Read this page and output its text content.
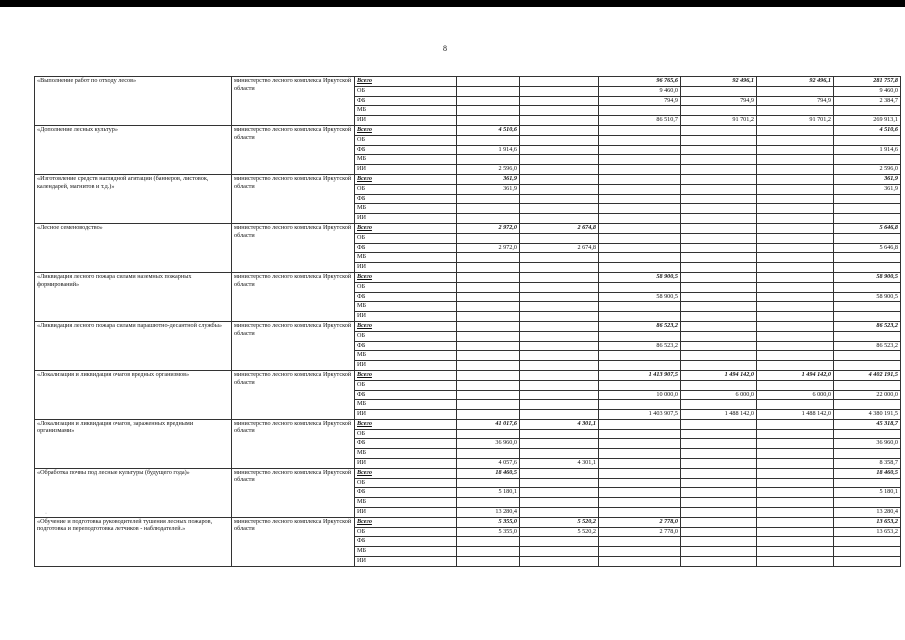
8
«Выполнение работ по отходу лесов»	министерство лесного комплекса Иркутской области	Всего			96 765,6	92 496,1	92 496,1	281 757,8
		ОБ			9 460,0			9 460,0
		ФБ			794,9	794,9	794,9	2 384,7
		МБ						
		ИИ			86 510,7	91 701,2	91 701,2	269 913,1
«Дополнение лесных культур»	министерство лесного комплекса Иркутской области	Всего	4 510,6					4 510,6
		ОБ						
		ФБ	1 914,6					1 914,6
		МБ						
		ИИ	2 596,0					2 596,0
«Изготовление средств наглядной агитации (баннеров, листовок, календарей, магнитов и т.д.)»	министерство лесного комплекса Иркутской области	Всего	361,9					361,9
		ОБ	361,9					361,9
		ФБ						
		МБ						
		ИИ						
«Лесное семеноводство»	министерство лесного комплекса Иркутской области	Всего	2 972,0	2 674,8				5 646,8
		ОБ						
		ФБ	2 972,0	2 674,8				5 646,8
		МБ						
		ИИ						
«Ликвидация лесного пожара силами наземных пожарных формирований»	министерство лесного комплекса Иркутской области	Всего			58 900,5			58 900,5
		ОБ						
		ФБ			58 900,5			58 900,5
		МБ						
		ИИ						
«Ликвидация лесного пожара силами парашютно-десантной службы»	министерство лесного комплекса Иркутской области	Всего			86 523,2			86 523,2
		ОБ						
		ФБ			86 523,2			86 523,2
		МБ						
		ИИ						
«Локализация и ликвидация очагов вредных организмов»	министерство лесного комплекса Иркутской области	Всего			1 413 907,5	1 494 142,0	1 494 142,0	4 402 191,5
		ОБ						
		ФБ			10 000,0	6 000,0	6 000,0	22 000,0
		МБ						
		ИИ			1 403 907,5	1 488 142,0	1 488 142,0	4 380 191,5
«Локализация и ликвидация очагов, зараженных вредными организмами»	министерство лесного комплекса Иркутской области	Всего	41 017,6	4 301,1				45 318,7
		ОБ						
		ФБ	36 960,0					36 960,0
		МБ						
		ИИ	4 057,6	4 301,1				8 358,7
«Обработка почвы под лесные культуры (будущего года)»	министерство лесного комплекса Иркутской области	Всего	18 460,5					18 460,5
		ОБ						
		ФБ	5 180,1					5 180,1
		МБ						
		ИИ	13 280,4					13 280,4
«Обучение и подготовка руководителей тушения лесных пожаров, подготовка и переподготовка летчиков - наблюдателей.»	министерство лесного комплекса Иркутской области	Всего	5 355,0	5 520,2	2 778,0			13 653,2
		ОБ	5 355,0	5 520,2	2 778,0			13 653,2
		ФБ						
		МБ						
		ИИ						
·
